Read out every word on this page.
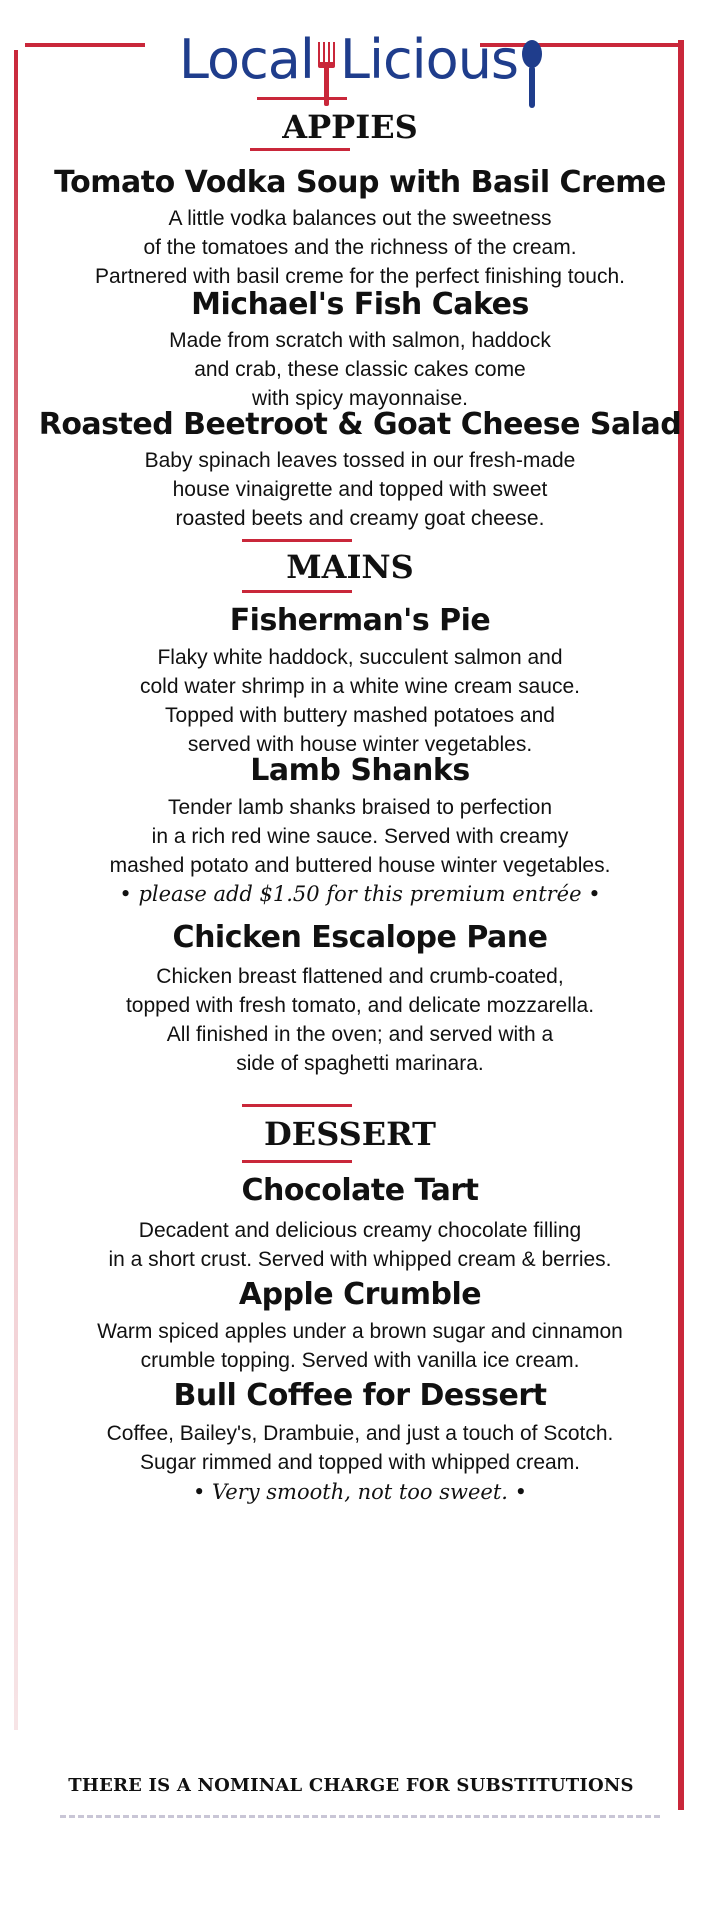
Local Licious
APPIES
Tomato Vodka Soup with Basil Creme
A little vodka balances out the sweetness
of the tomatoes and the richness of the cream.
Partnered with basil creme for the perfect finishing touch.
Michael's Fish Cakes
Made from scratch with salmon, haddock
and crab, these classic cakes come
with spicy mayonnaise.
Roasted Beetroot & Goat Cheese Salad
Baby spinach leaves tossed in our fresh-made
house vinaigrette and topped with sweet
roasted beets and creamy goat cheese.
MAINS
Fisherman's Pie
Flaky white haddock, succulent salmon and
cold water shrimp in a white wine cream sauce.
Topped with buttery mashed potatoes and
served with house winter vegetables.
Lamb Shanks
Tender lamb shanks braised to perfection
in a rich red wine sauce. Served with creamy
mashed potato and buttered house winter vegetables.
• please add $1.50 for this premium entrée •
Chicken Escalope Pane
Chicken breast flattened and crumb-coated,
topped with fresh tomato, and delicate mozzarella.
All finished in the oven; and served with a
side of spaghetti marinara.
DESSERT
Chocolate Tart
Decadent and delicious creamy chocolate filling
in a short crust. Served with whipped cream & berries.
Apple Crumble
Warm spiced apples under a brown sugar and cinnamon
crumble topping. Served with vanilla ice cream.
Bull Coffee for Dessert
Coffee, Bailey's, Drambuie, and just a touch of Scotch.
Sugar rimmed and topped with whipped cream.
• Very smooth, not too sweet. •
THERE IS A NOMINAL CHARGE FOR SUBSTITUTIONS
